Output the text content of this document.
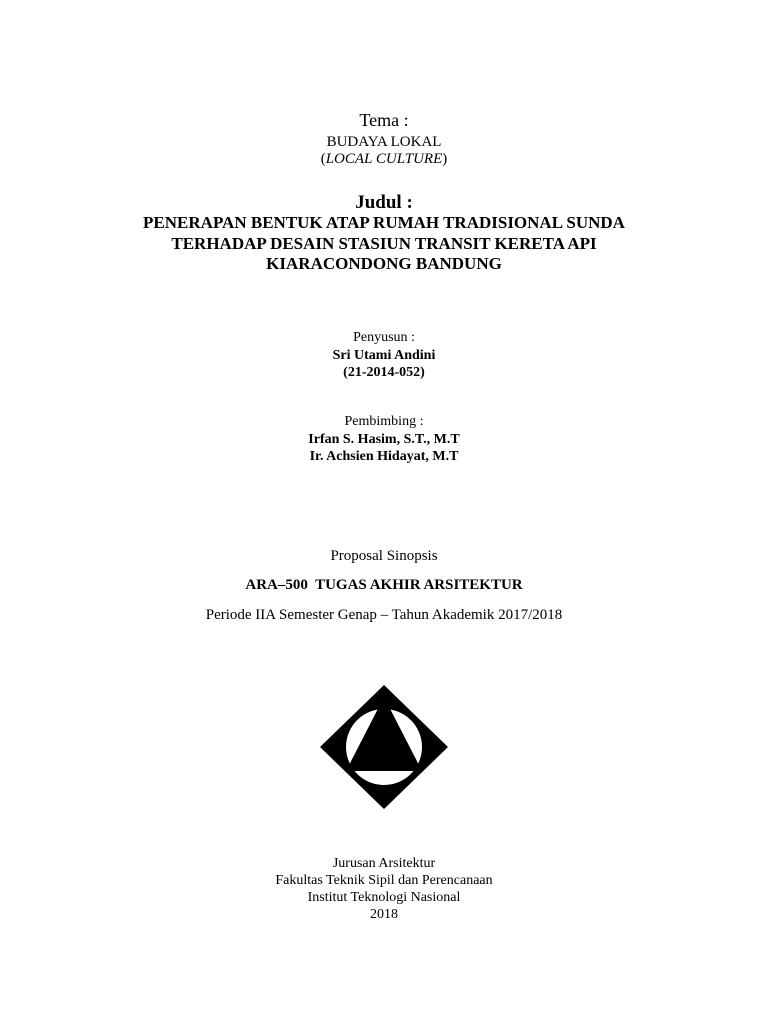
Tema :
BUDAYA LOKAL
(LOCAL CULTURE)
Judul :
PENERAPAN BENTUK ATAP RUMAH TRADISIONAL SUNDA
TERHADAP DESAIN STASIUN TRANSIT KERETA API
KIARACONDONG BANDUNG
Penyusun :
Sri Utami Andini
(21-2014-052)
Pembimbing :
Irfan S. Hasim, S.T., M.T
Ir. Achsien Hidayat, M.T
Proposal Sinopsis
ARA–500  TUGAS AKHIR ARSITEKTUR
Periode IIA Semester Genap – Tahun Akademik 2017/2018
Jurusan Arsitektur
Fakultas Teknik Sipil dan Perencanaan
Institut Teknologi Nasional
2018
